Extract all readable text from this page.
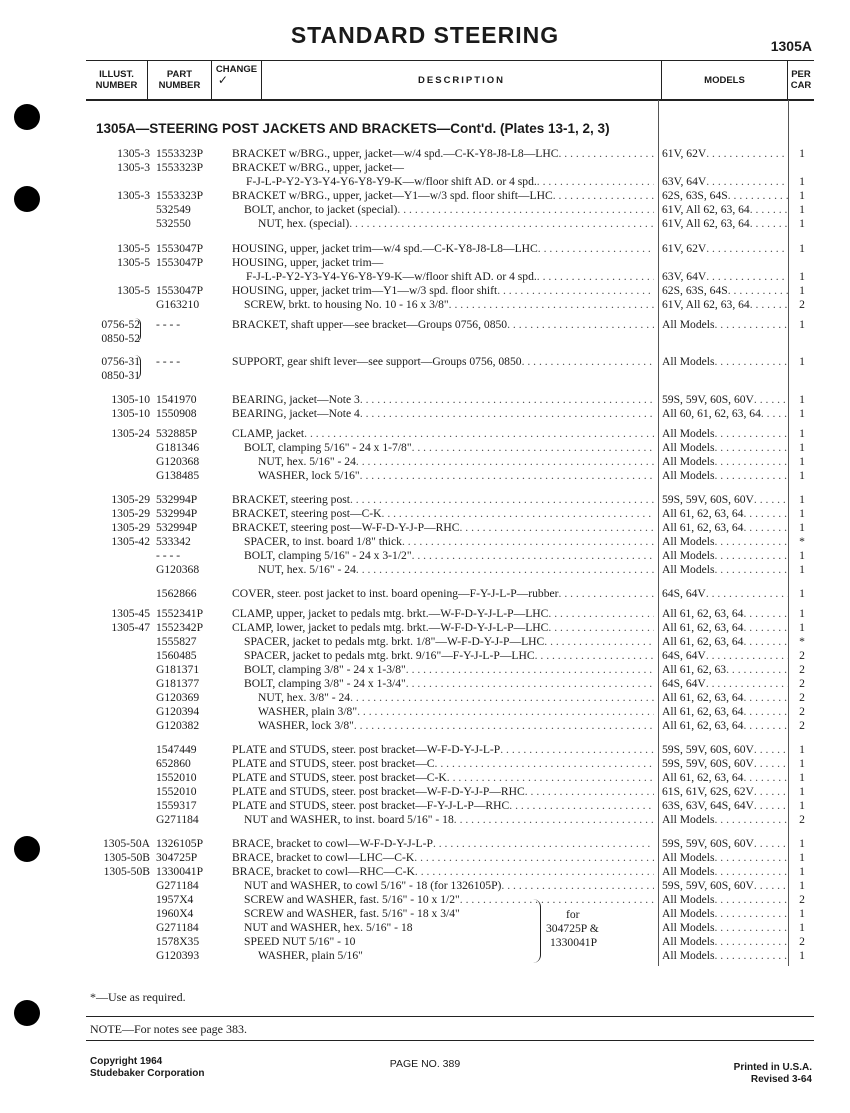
STANDARD STEERING	1305A
ILLUST.
NUMBER
PART
NUMBER
CHANGE
✓	DESCRIPTION	MODELS	PER
CAR
1305A—STEERING POST JACKETS AND BRACKETS—Cont'd. (Plates 13-1, 2, 3)
1305-3 1553323P	BRACKET w/BRG., upper, jacket—w/4 spd.—C-K-Y8-J8-L8—LHC . . .	61V, 62V . . .	1
1305-3 1553323P	BRACKET w/BRG., upper, jacket—
F-J-L-P-Y2-Y3-Y4-Y6-Y8-Y9-K—w/floor shift AD. or 4 spd. . . .	63V, 64V . . .	1
1305-3 1553323P	BRACKET w/BRG., upper, jacket—Y1—w/3 spd. floor shift—LHC . . .	62S, 63S, 64S . . .	1
532549	BOLT, anchor, to jacket (special) . . .	61V, All 62, 63, 64 . . .	1
532550	NUT, hex. (special) . . .	61V, All 62, 63, 64 . . .	1
1305-5 1553047P	HOUSING, upper, jacket trim—w/4 spd.—C-K-Y8-J8-L8—LHC . . .	61V, 62V . . .	1
1305-5 1553047P	HOUSING, upper, jacket trim—
F-J-L-P-Y2-Y3-Y4-Y6-Y8-Y9-K—w/floor shift AD. or 4 spd. . . .	63V, 64V . . .	1
1305-5 1553047P	HOUSING, upper, jacket trim—Y1—w/3 spd. floor shift . . .	62S, 63S, 64S . . .	1
G163210	SCREW, brkt. to housing No. 10 - 16 x 3/8" . . .	61V, All 62, 63, 64 . . .	2
0756-52 - - - -	BRACKET, shaft upper—see bracket—Groups 0756, 0850 . . .	All Models . . .	1
0850-52
0756-31 - - - -	SUPPORT, gear shift lever—see support—Groups 0756, 0850 . . .	All Models . . .	1
0850-31
1305-10 1541970	BEARING, jacket—Note 3 . . .	59S, 59V, 60S, 60V . . .	1
1305-10 1550908	BEARING, jacket—Note 4 . . .	All 60, 61, 62, 63, 64 . . .	1
1305-24 532885P	CLAMP, jacket . . .	All Models . . .	1
G181346	BOLT, clamping 5/16" - 24 x 1-7/8" . . .	All Models . . .	1
G120368	NUT, hex. 5/16" - 24 . . .	All Models . . .	1
G138485	WASHER, lock 5/16" . . .	All Models . . .	1
1305-29 532994P	BRACKET, steering post . . .	59S, 59V, 60S, 60V . . .	1
1305-29 532994P	BRACKET, steering post—C-K . . .	All 61, 62, 63, 64 . . .	1
1305-29 532994P	BRACKET, steering post—W-F-D-Y-J-P—RHC . . .	All 61, 62, 63, 64 . . .	1
1305-42 533342	SPACER, to inst. board 1/8" thick . . .	All Models . . .	*
- - - -	BOLT, clamping 5/16" - 24 x 3-1/2" . . .	All Models . . .	1
G120368	NUT, hex. 5/16" - 24 . . .	All Models . . .	1
1562866	COVER, steer. post jacket to inst. board opening—F-Y-J-L-P—rubber . . .	64S, 64V . . .	1
1305-45 1552341P	CLAMP, upper, jacket to pedals mtg. brkt.—W-F-D-Y-J-L-P—LHC . . .	All 61, 62, 63, 64 . . .	1
1305-47 1552342P	CLAMP, lower, jacket to pedals mtg. brkt.—W-F-D-Y-J-L-P—LHC . . .	All 61, 62, 63, 64 . . .	1
1555827	SPACER, jacket to pedals mtg. brkt. 1/8"—W-F-D-Y-J-P—LHC . . .	All 61, 62, 63, 64 . . .	*
1560485	SPACER, jacket to pedals mtg. brkt. 9/16"—F-Y-J-L-P—LHC . . .	64S, 64V . . .	2
G181371	BOLT, clamping 3/8" - 24 x 1-3/8" . . .	All 61, 62, 63 . . .	2
G181377	BOLT, clamping 3/8" - 24 x 1-3/4" . . .	64S, 64V . . .	2
G120369	NUT, hex. 3/8" - 24 . . .	All 61, 62, 63, 64 . . .	2
G120394	WASHER, plain 3/8" . . .	All 61, 62, 63, 64 . . .	2
G120382	WASHER, lock 3/8" . . .	All 61, 62, 63, 64 . . .	2
1547449	PLATE and STUDS, steer. post bracket—W-F-D-Y-J-L-P . . .	59S, 59V, 60S, 60V . . .	1
652860	PLATE and STUDS, steer. post bracket—C . . .	59S, 59V, 60S, 60V . . .	1
1552010	PLATE and STUDS, steer. post bracket—C-K . . .	All 61, 62, 63, 64 . . .	1
1552010	PLATE and STUDS, steer. post bracket—W-F-D-Y-J-P—RHC . . .	61S, 61V, 62S, 62V . . .	1
1559317	PLATE and STUDS, steer. post bracket—F-Y-J-L-P—RHC . . .	63S, 63V, 64S, 64V . . .	1
G271184	NUT and WASHER, to inst. board 5/16" - 18 . . .	All Models . . .	2
1305-50A 1326105P	BRACE, bracket to cowl—W-F-D-Y-J-L-P . . .	59S, 59V, 60S, 60V . . .	1
1305-50B 304725P	BRACE, bracket to cowl—LHC—C-K . . .	All Models . . .	1
1305-50B 1330041P	BRACE, bracket to cowl—RHC—C-K . . .	All Models . . .	1
G271184	NUT and WASHER, to cowl 5/16" - 18 (for 1326105P) . . .	59S, 59V, 60S, 60V . . .	1
1957X4	SCREW and WASHER, fast. 5/16" - 10 x 1/2" . . .	All Models . . .	2
1960X4	SCREW and WASHER, fast. 5/16" - 18 x 3/4"	All Models . . .	1
G271184	NUT and WASHER, hex. 5/16" - 18	All Models . . .	1
1578X35	SPEED NUT 5/16" - 10	All Models . . .	2
G120393	WASHER, plain 5/16"	All Models . . .	1
for
304725P &
1330041P
*—Use as required.
NOTE—For notes see page 383.
Copyright 1964
Studebaker Corporation
PAGE NO. 389	Printed in U.S.A.
Revised 3-64
